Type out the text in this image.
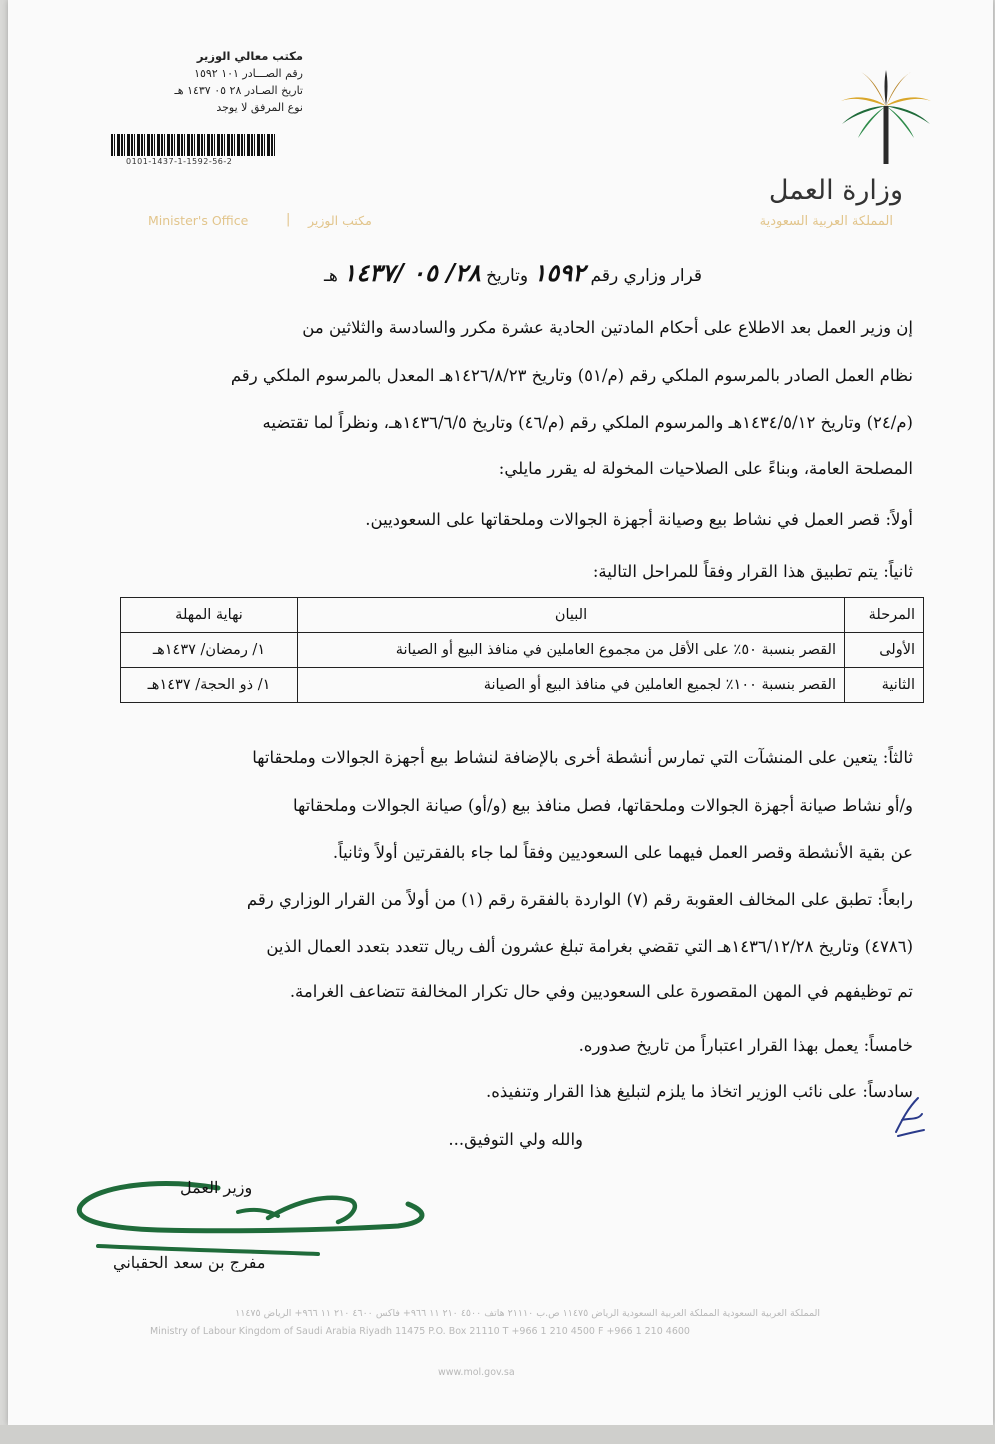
مكتب معالي الوزير
رقم الصـــادر ١٠١ ١٥٩٢
تاريخ الصـادر ٢٨ ٠٥ ١٤٣٧ هـ
نوع المرفق لا يوجد
0101-1437-1-1592-56-2
وزارة العمل
المملكة العربية السعودية
Minister's Office	| مكتب الوزير
قرار وزاري رقم ١٥٩٢ وتاريخ ٢٨/ ٠٥ /١٤٣٧ هـ
إن وزير العمل بعد الاطلاع على أحكام المادتين الحادية عشرة مكرر والسادسة والثلاثين من
نظام العمل الصادر بالمرسوم الملكي رقم (م/٥١) وتاريخ ١٤٢٦/٨/٢٣هـ المعدل بالمرسوم الملكي رقم
(م/٢٤) وتاريخ ١٤٣٤/٥/١٢هـ والمرسوم الملكي رقم (م/٤٦) وتاريخ ١٤٣٦/٦/٥هـ، ونظراً لما تقتضيه
المصلحة العامة، وبناءً على الصلاحيات المخولة له يقرر مايلي:
أولاً: قصر العمل في نشاط بيع وصيانة أجهزة الجوالات وملحقاتها على السعوديين.
ثانياً: يتم تطبيق هذا القرار وفقاً للمراحل التالية:
المرحلة	البيان	نهاية المهلة
الأولى	القصر بنسبة ٥٠٪ على الأقل من مجموع العاملين في منافذ البيع أو الصيانة	١/ رمضان/ ١٤٣٧هـ
الثانية	القصر بنسبة ١٠٠٪ لجميع العاملين في منافذ البيع أو الصيانة	١/ ذو الحجة/ ١٤٣٧هـ
ثالثاً: يتعين على المنشآت التي تمارس أنشطة أخرى بالإضافة لنشاط بيع أجهزة الجوالات وملحقاتها
و/أو نشاط صيانة أجهزة الجوالات وملحقاتها، فصل منافذ بيع (و/أو) صيانة الجوالات وملحقاتها
عن بقية الأنشطة وقصر العمل فيهما على السعوديين وفقاً لما جاء بالفقرتين أولاً وثانياً.
رابعاً: تطبق على المخالف العقوبة رقم (٧) الواردة بالفقرة رقم (١) من أولاً من القرار الوزاري رقم
(٤٧٨٦) وتاريخ ١٤٣٦/١٢/٢٨هـ التي تقضي بغرامة تبلغ عشرون ألف ريال تتعدد بتعدد العمال الذين
تم توظيفهم في المهن المقصورة على السعوديين وفي حال تكرار المخالفة تتضاعف الغرامة.
خامساً: يعمل بهذا القرار اعتباراً من تاريخ صدوره.
سادساً: على نائب الوزير اتخاذ ما يلزم لتبليغ هذا القرار وتنفيذه.
والله ولي التوفيق...
وزير العمل
مفرج بن سعد الحقباني
المملكة العربية السعودية المملكة العربية السعودية الرياض ١١٤٧٥ ص.ب ٢١١١٠ هاتف ٤٥٠٠ ٢١٠ ١١ ٩٦٦+ فاكس ٤٦٠٠ ٢١٠ ١١ ٩٦٦+ الرياض ١١٤٧٥
Ministry of Labour Kingdom of Saudi Arabia Riyadh 11475 P.O. Box 21110 T +966 1 210 4500 F +966 1 210 4600
www.mol.gov.sa
